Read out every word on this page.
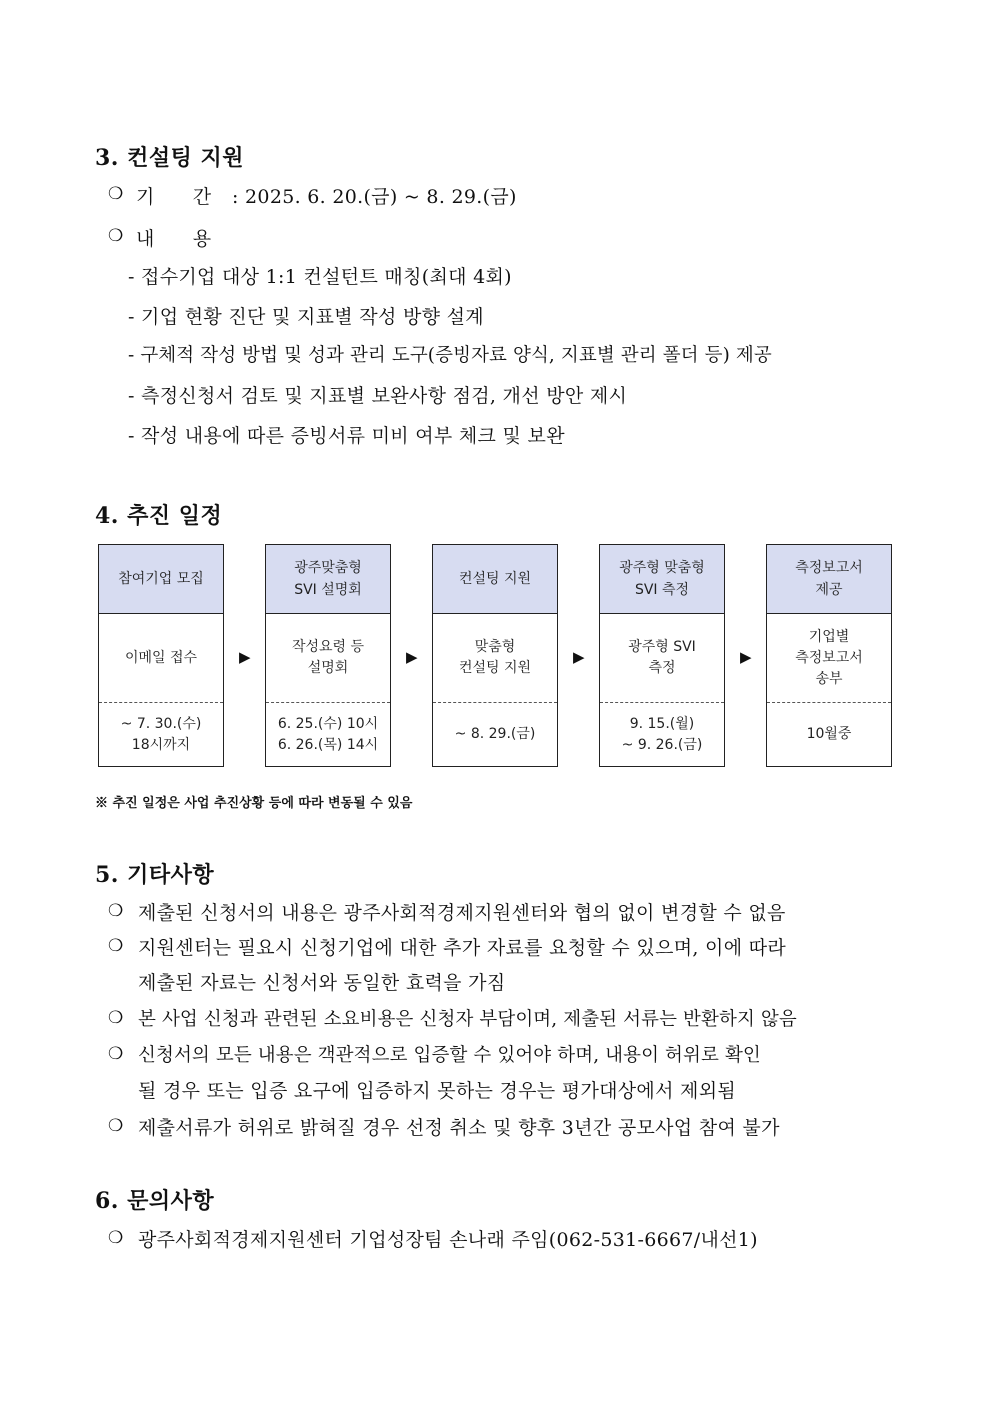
3. 컨설팅 지원
❍ 기      간 : 2025. 6. 20.(금) ~ 8. 29.(금)
❍ 내      용
- 접수기업 대상 1:1 컨설턴트 매칭(최대 4회)
- 기업 현황 진단 및 지표별 작성 방향 설계
- 구체적 작성 방법 및 성과 관리 도구(증빙자료 양식, 지표별 관리 폴더 등) 제공
- 측정신청서 검토 및 지표별 보완사항 점검, 개선 방안 제시
- 작성 내용에 따른 증빙서류 미비 여부 체크 및 보완
4. 추진 일정
참여기업 모집
이메일 접수
~ 7. 30.(수)
18시까지
▶
광주맞춤형
SVI 설명회
작성요령 등
설명회
6. 25.(수) 10시
6. 26.(목) 14시
▶
컨설팅 지원
맞춤형
컨설팅 지원
~ 8. 29.(금)
▶
광주형 맞춤형
SVI 측정
광주형 SVI
측정
9. 15.(월)
~ 9. 26.(금)
▶
측정보고서
제공
기업별
측정보고서
송부
10월중
※ 추진 일정은 사업 추진상황 등에 따라 변동될 수 있음
5. 기타사항
❍ 제출된 신청서의 내용은 광주사회적경제지원센터와 협의 없이 변경할 수 없음
❍ 지원센터는 필요시 신청기업에 대한 추가 자료를 요청할 수 있으며, 이에 따라
제출된 자료는 신청서와 동일한 효력을 가짐
❍ 본 사업 신청과 관련된 소요비용은 신청자 부담이며, 제출된 서류는 반환하지 않음
❍ 신청서의 모든 내용은 객관적으로 입증할 수 있어야 하며, 내용이 허위로 확인
될 경우 또는 입증 요구에 입증하지 못하는 경우는 평가대상에서 제외됨
❍ 제출서류가 허위로 밝혀질 경우 선정 취소 및 향후 3년간 공모사업 참여 불가
6. 문의사항
❍ 광주사회적경제지원센터 기업성장팀 손나래 주임(062-531-6667/내선1)
